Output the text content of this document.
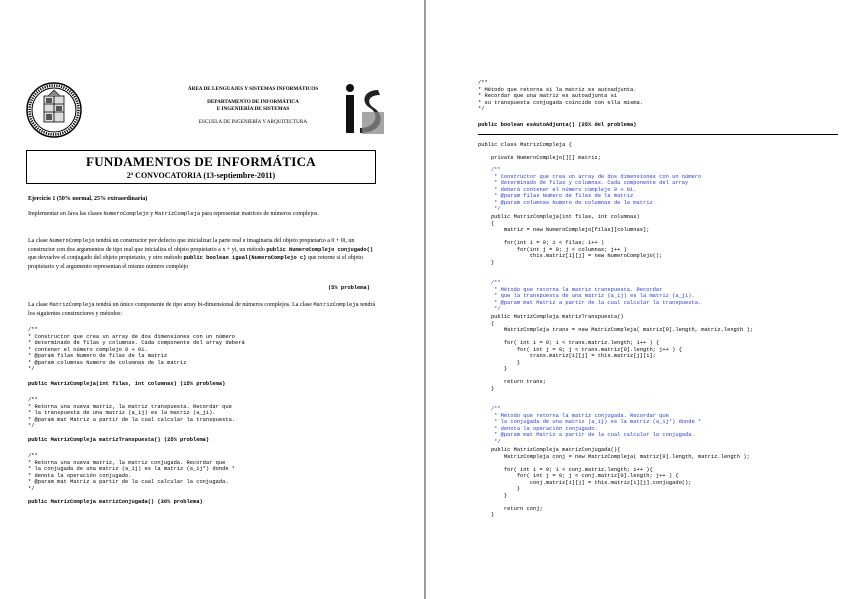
ÁREA DE LENGUAJES Y SISTEMAS INFORMÁTICOS
DEPARTAMENTO DE INFORMÁTICA
E INGENIERÍA DE SISTEMAS
ESCUELA DE INGENIERÍA Y ARQUITECTURA
FUNDAMENTOS DE INFORMÁTICA
2ª CONVOCATORIA (13-septiembre-2011)
Ejercicio 1 (50% normal, 25% extraordinaria)
Implementar en Java las clases NumeroComplejo y MatrizCompleja para representar matrices de números complejos.
La clase NumeroComplejo tendrá un constructor por defecto que inicializar la parte real e imaginaria del objeto propietario a 0 + 0i, un constructor con dos argumentos de tipo real que inicializa el objeto propietario a x + yi, un método public NumeroComplejo conjugado() que devuelve el conjugado del objeto propietario, y otro método public boolean igual(NumeroComplejo c) que retorne si el objeto propietario y el argumento representan el mismo número complejo
(5% problema)
La clase MatrizCompleja tendrá un único componente de tipo array bi-dimensional de números complejos. La clase MatrizCompleja tendrá los siguientes constructores y métodos:
/**
* Constructor que crea un array de dos dimensiones con un número
* determinado de filas y columnas. Cada componente del array deberá
* contener el número complejo 0 + 0i.
* @param filas Numero de filas de la matriz
* @param columnas Numero de columnas de la matriz
*/
public MatrizCompleja(int filas, int columnas) (15% problema)
/**
* Retorna una nueva matriz, la matriz transpuesta. Recordar que
* la transpuesta de una matriz (a_ij) es la matriz (a_ji).
* @param mat Matriz a partir de la cual calcular la transpuesta.
*/
public MatrizCompleja matrizTranspuesta() (25% problema)
/**
* Retorna una nueva matriz, la matriz conjugada. Recordar que
* la conjugada de una matriz (a_ij) es la matriz (a_ij*) donde *
* denota la operación conjugado.
* @param mat Matriz a partir de la cual calcular la conjugada.
*/
public MatrizCompleja matrizConjugada() (30% problema)
/**
* Método que retorna si la matriz es autoadjunta.
* Recordar que una matriz es autoadjunta si
* su transpuesta conjugada coincide con ella misma.
*/
public boolean esAutoAdjunta() (25% del problema)
public class MatrizCompleja {
private NumeroComplejo[][] matriz;
/**
* Constructor que crea un array de dos dimensiones con un número
* determinado de filas y columnas. Cada componente del array
* deberá contener el número complejo 0 + 0i.
* @param filas Numero de filas de la matriz
* @param columnas Numero de columnas de la matriz
*/
public MatrizCompleja(int filas, int columnas)
{
matriz = new NumeroComplejo[filas][columnas];

for(int i = 0; i < filas; i++ )
for(int j = 0; j < columnas; j++ )
this.matriz[i][j] = new NumeroComplejo();
}
/**
* Método que retorna la matriz transpuesta. Recordar
* que la transpuesta de una matriz (a_ij) es la matriz (a_ji).
* @param mat Matriz a partir de la cual calcular la transpuesta.
*/
public MatrizCompleja matrizTranspuesta()
{
MatrizCompleja trans = new MatrizCompleja( matriz[0].length, matriz.length );

for( int i = 0; i < trans.matriz.length; i++ ) {
for( int j = 0; j < trans.matriz[0].length; j++ ) {
trans.matriz[i][j] = this.matriz[j][i];
}
}

return trans;
}
/**
* Método que retorna la matriz conjugada. Recordar que
* la conjugada de una matriz (a_ij) es la matriz (a_ij*) donde *
* denota la operación conjugado.
* @param mat Matriz a partir de la cual calcular la conjugada.
*/
public MatrizCompleja matrizConjugada(){
MatrizCompleja conj = new MatrizCompleja( matriz[0].length, matriz.length );

for( int i = 0; i < conj.matriz.length; i++ ){
for( int j = 0; j < conj.matriz[0].length; j++ ) {
conj.matriz[i][j] = this.matriz[i][j].conjugado();
}
}

return conj;
}
